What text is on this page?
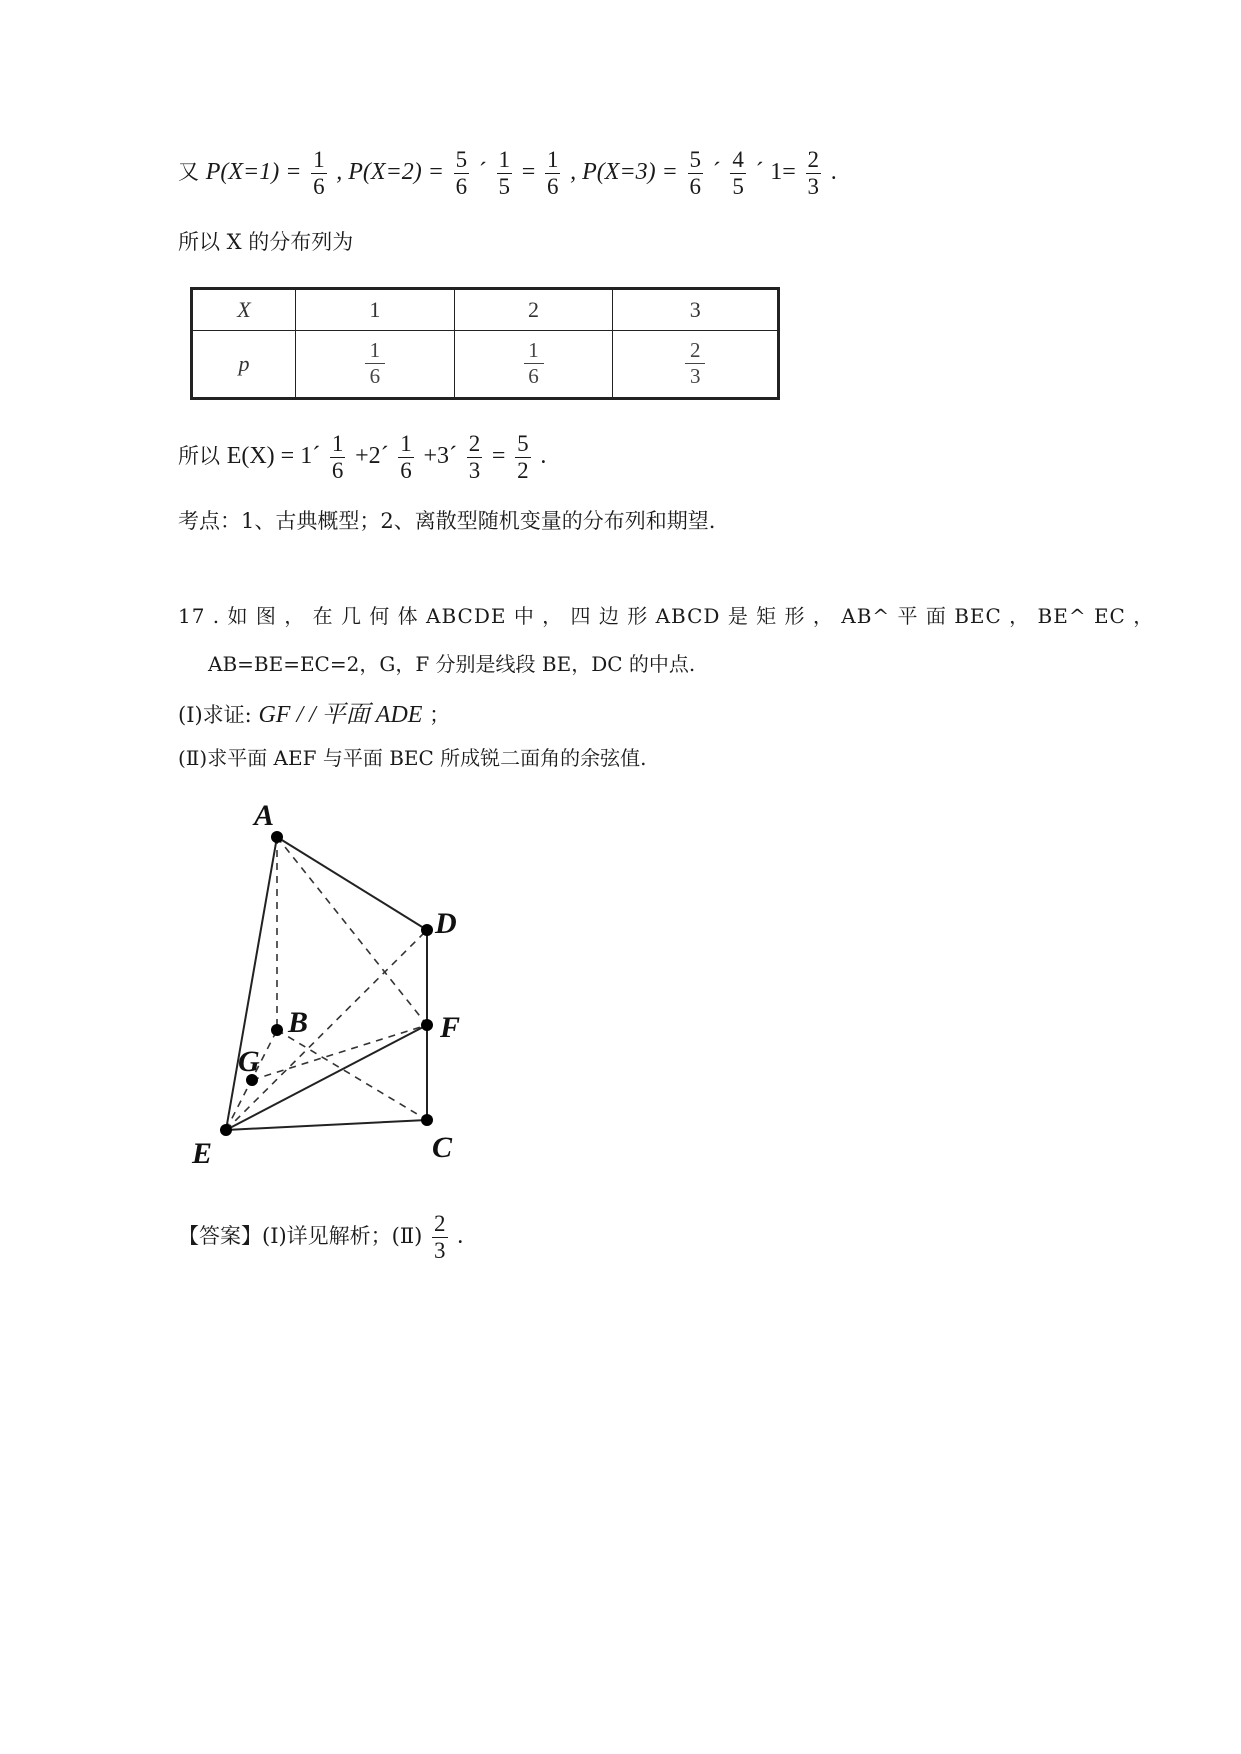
又 $P(X=1) = \frac{1}{6}$ , $P(X=2) = \frac{5}{6}$ ´ $\frac{1}{5} = \frac{1}{6}$ , $P(X=3) = \frac{5}{6}$ ´ $\frac{4}{5}$ ´ $1= \frac{2}{3}$ .
所以 X 的分布列为
X	1	2	3
p	$\frac{1}{6}$	$\frac{1}{6}$	$\frac{2}{3}$
所以 E(X) = 1´ $\frac{1}{6}$ +2´ $\frac{1}{6}$ +3´ $\frac{2}{3} = \frac{5}{2}$ .
考点：1、古典概型；2、离散型随机变量的分布列和期望.
17 . 如 图 ， 在 几 何 体 ABCDE 中 ， 四 边 形 ABCD 是 矩 形 ， AB^ 平 面 BEC ， BE^ EC ，
AB=BE=EC=2，G，F 分别是线段 BE，DC 的中点.
(Ⅰ)求证: GF / / 平面 ADE ；
(Ⅱ)求平面 AEF 与平面 BEC 所成锐二面角的余弦值.
A
B
C
D
E
F
G
【答案】(Ⅰ)详见解析；(Ⅱ) $\frac{2}{3}$ .
